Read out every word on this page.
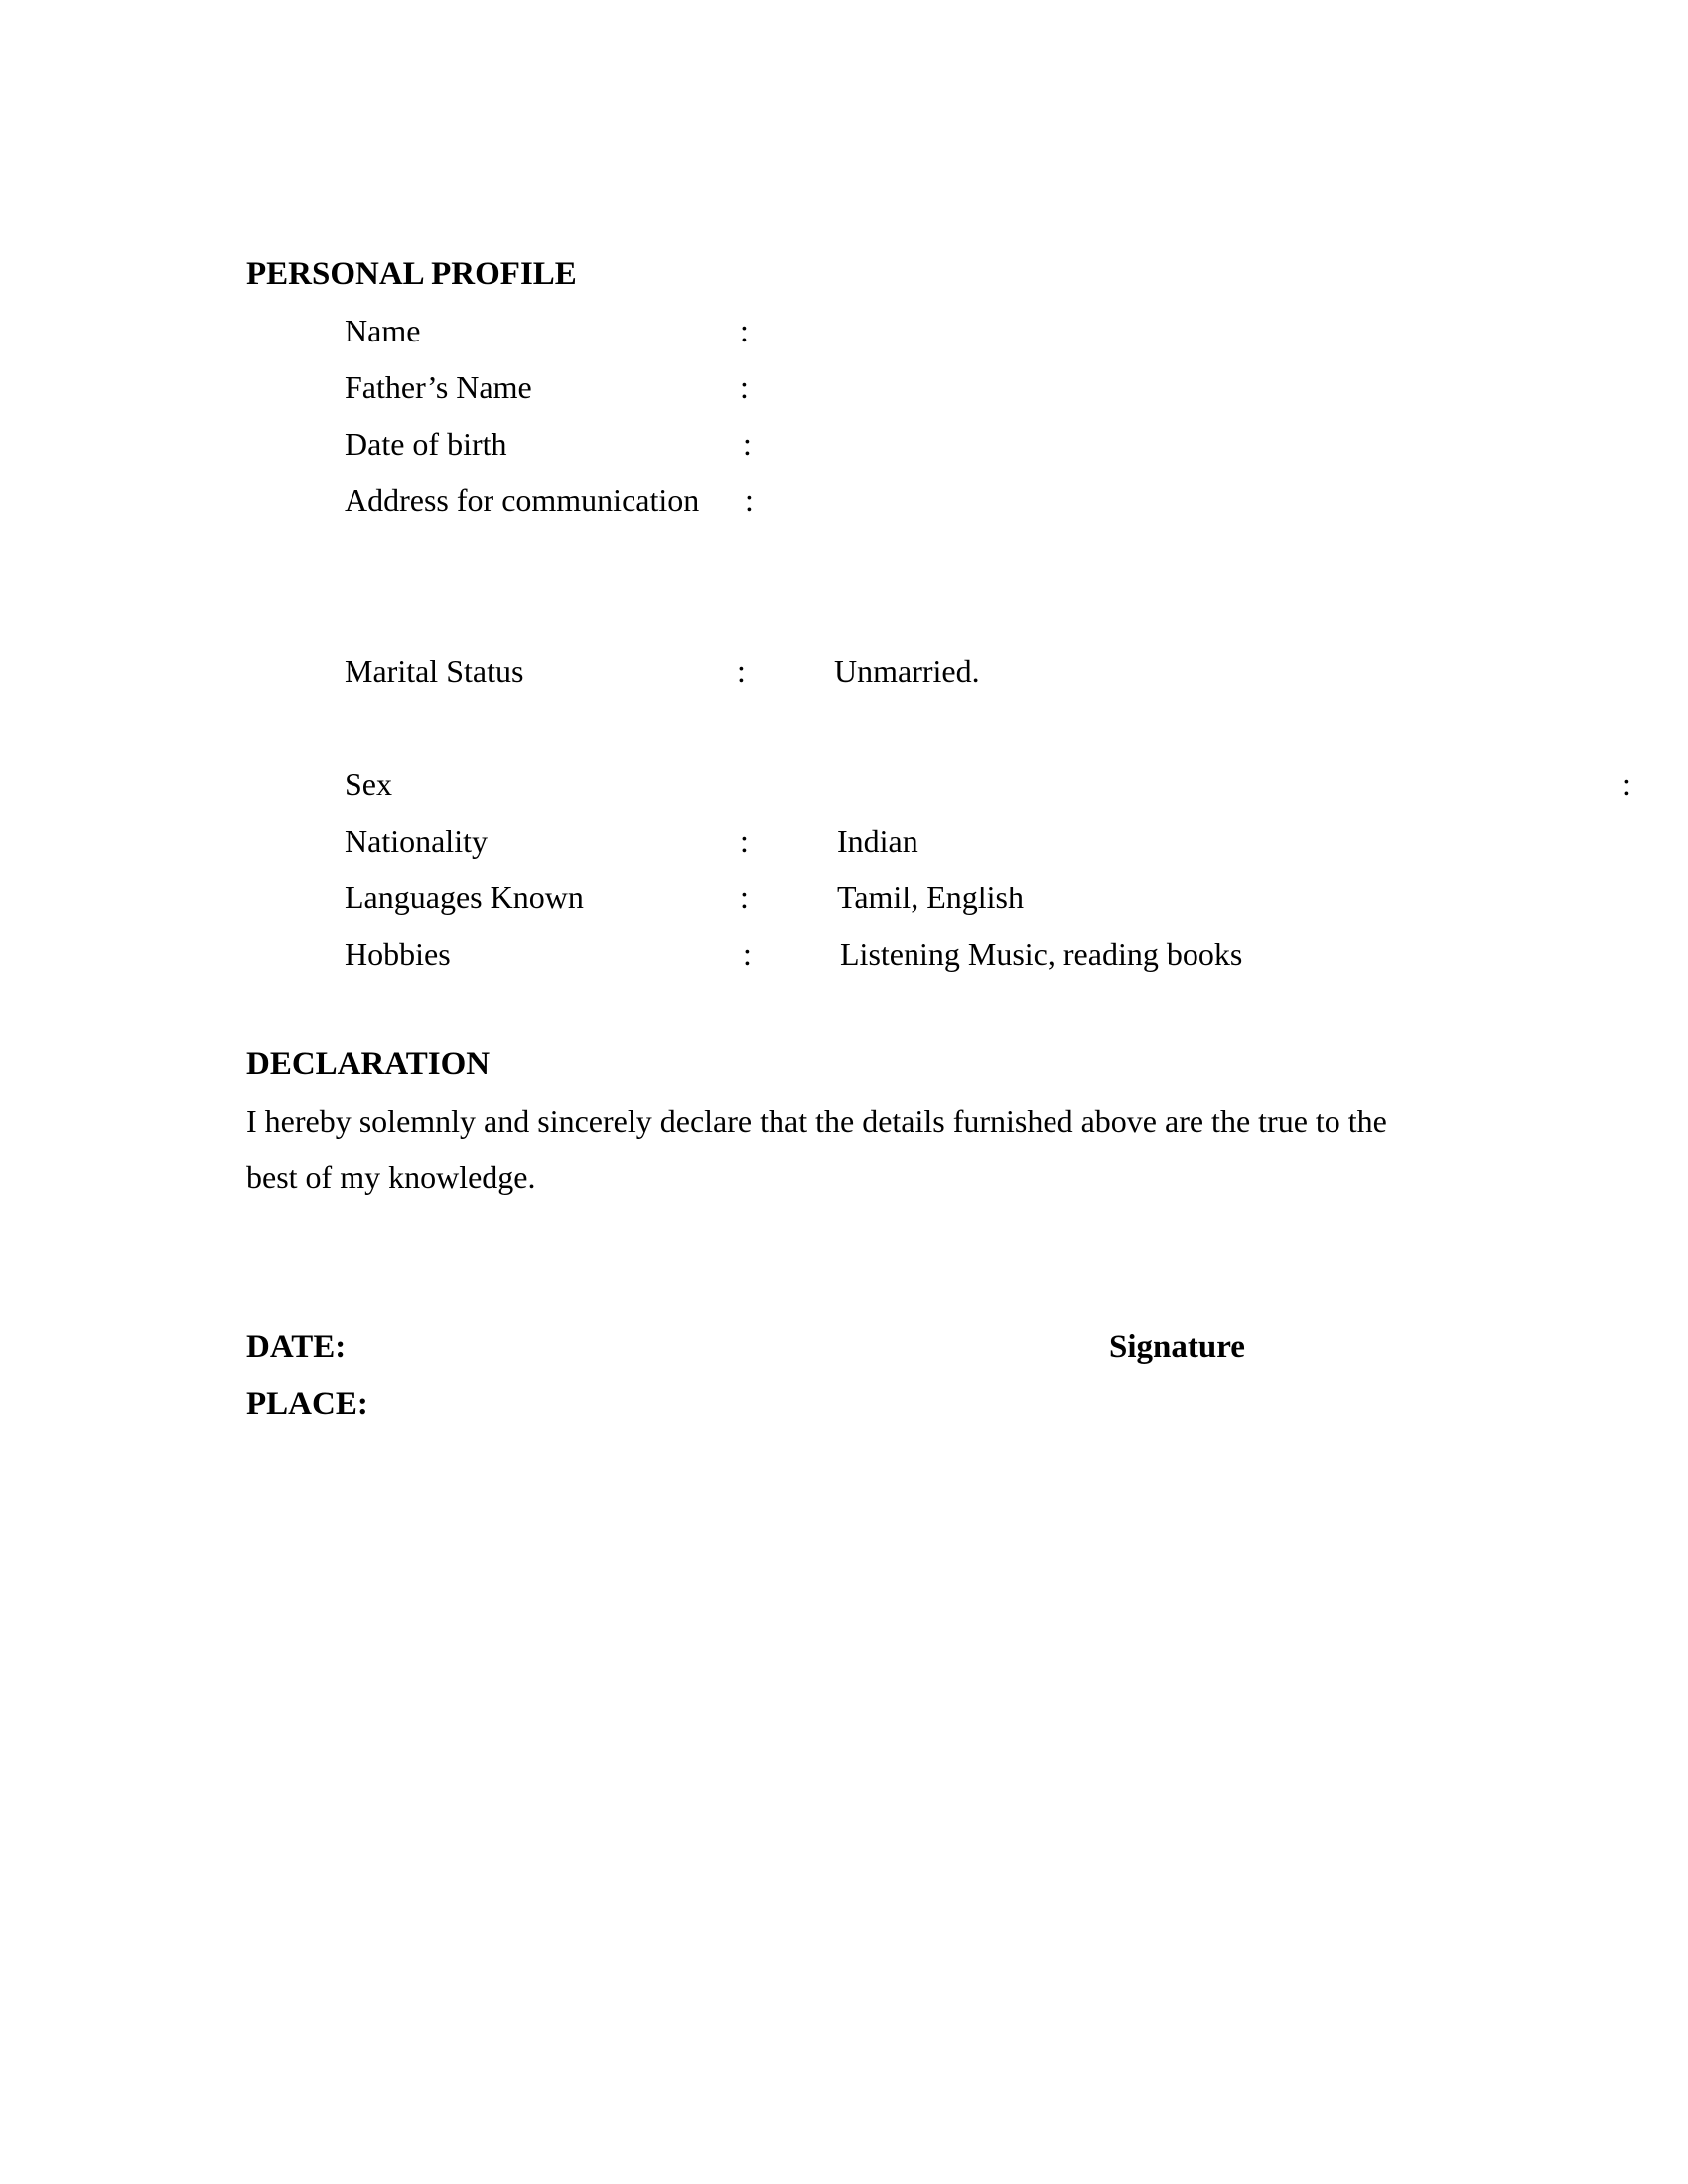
PERSONAL PROFILE
Name	:
Father’s Name	:
Date of birth	:
Address for communication :
Marital Status	:	Unmarried.
Sex	:
Nationality	:	Indian
Languages Known	:	Tamil, English
Hobbies	:	Listening Music, reading books
DECLARATION
I hereby solemnly and sincerely declare that the details furnished above are the true to the
best of my knowledge.
DATE:	Signature
PLACE:
